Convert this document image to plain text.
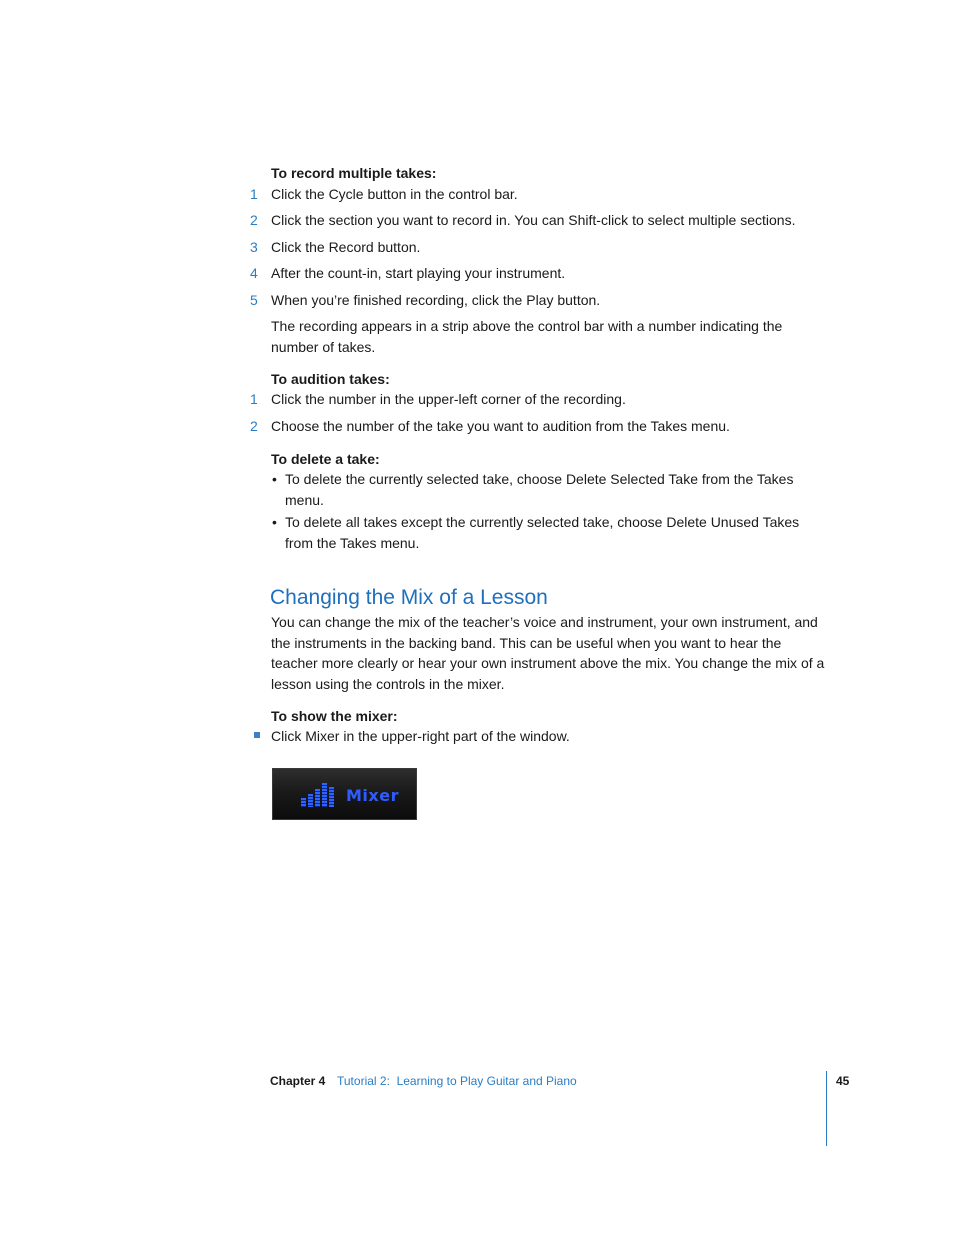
To record multiple takes:
1 Click the Cycle button in the control bar.
2 Click the section you want to record in. You can Shift-click to select multiple sections.
3 Click the Record button.
4 After the count-in, start playing your instrument.
5 When you’re finished recording, click the Play button.
The recording appears in a strip above the control bar with a number indicating the number of takes.
To audition takes:
1 Click the number in the upper-left corner of the recording.
2 Choose the number of the take you want to audition from the Takes menu.
To delete a take:
• To delete the currently selected take, choose Delete Selected Take from the Takes menu.
• To delete all takes except the currently selected take, choose Delete Unused Takes from the Takes menu.
Changing the Mix of a Lesson
You can change the mix of the teacher’s voice and instrument, your own instrument, and the instruments in the backing band. This can be useful when you want to hear the teacher more clearly or hear your own instrument above the mix. You change the mix of a lesson using the controls in the mixer.
To show the mixer:
Click Mixer in the upper-right part of the window.
Mixer
Chapter 4 Tutorial 2:  Learning to Play Guitar and Piano	45
